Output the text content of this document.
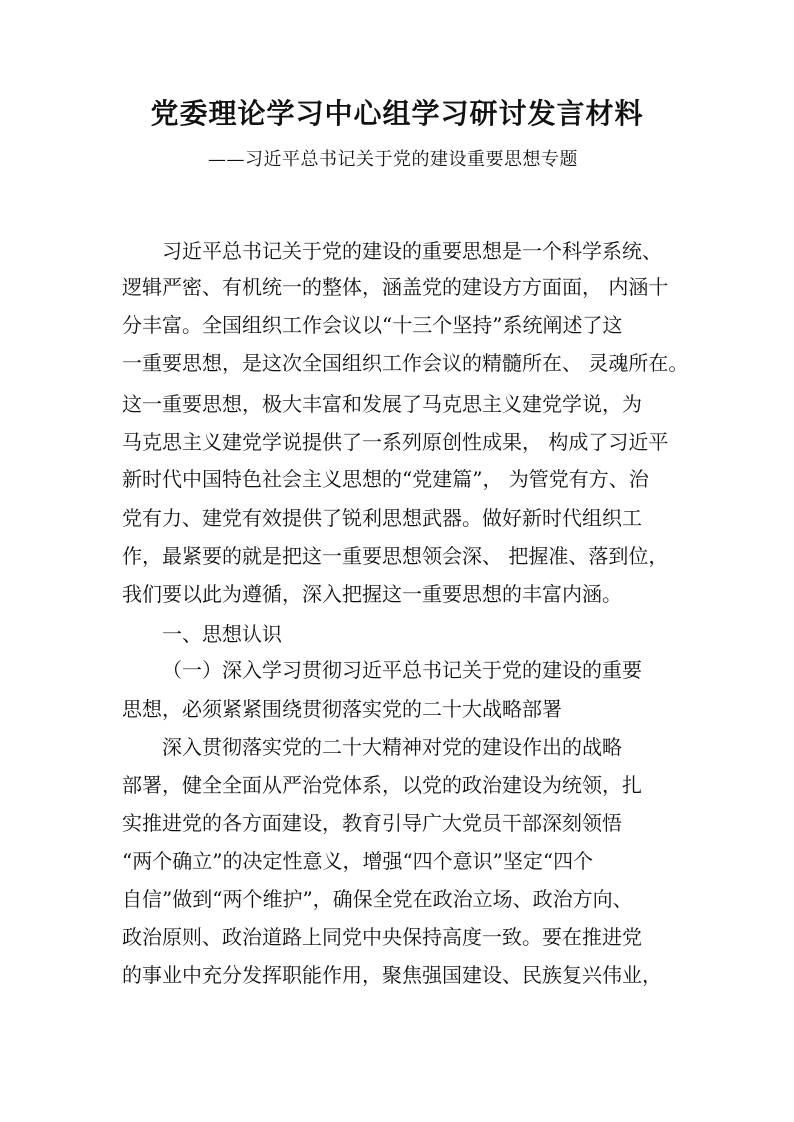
党委理论学习中心组学习研讨发言材料
——习近平总书记关于党的建设重要思想专题
习近平总书记关于党的建设的重要思想是一个科学系统、
逻辑严密、有机统一的整体，涵盖党的建设方方面面， 内涵十
分丰富。全国组织工作会议以“十三个坚持”系统阐述了这
一重要思想，是这次全国组织工作会议的精髓所在、 灵魂所在。
这一重要思想，极大丰富和发展了马克思主义建党学说，为
马克思主义建党学说提供了一系列原创性成果， 构成了习近平
新时代中国特色社会主义思想的“党建篇”， 为管党有方、治
党有力、建党有效提供了锐利思想武器。做好新时代组织工
作，最紧要的就是把这一重要思想领会深、 把握准、落到位，
我们要以此为遵循，深入把握这一重要思想的丰富内涵。
一、思想认识
（一）深入学习贯彻习近平总书记关于党的建设的重要
思想，必须紧紧围绕贯彻落实党的二十大战略部署
深入贯彻落实党的二十大精神对党的建设作出的战略
部署，健全全面从严治党体系，以党的政治建设为统领，扎
实推进党的各方面建设，教育引导广大党员干部深刻领悟
“两个确立”的决定性意义，增强“四个意识”坚定“四个
自信”做到“两个维护”，确保全党在政治立场、政治方向、
政治原则、政治道路上同党中央保持高度一致。要在推进党
的事业中充分发挥职能作用，聚焦强国建设、民族复兴伟业，
